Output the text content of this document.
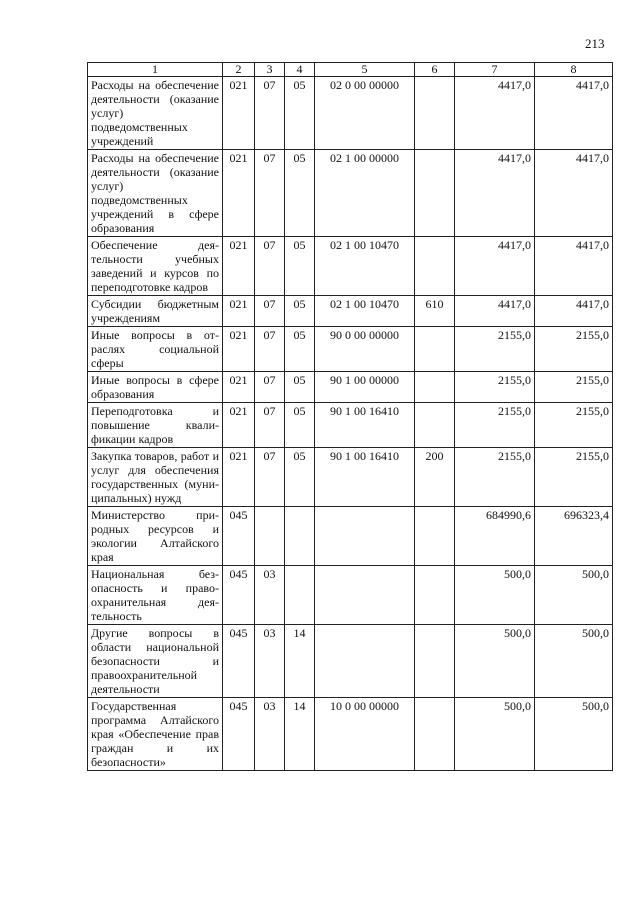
213
1	2	3	4	5	6	7	8
Расходы на обеспечение деятельности (оказание услуг) подведомственных учреждений	021	07	05	02 0 00 00000		4417,0	4417,0
Расходы на обеспечение деятельности (оказание услуг) подведомственных учреждений в сфере образования	021	07	05	02 1 00 00000		4417,0	4417,0
Обеспечение деятельности учебных заведений и курсов по переподготовке кадров	021	07	05	02 1 00 10470		4417,0	4417,0
Субсидии бюджетным учреждениям	021	07	05	02 1 00 10470	610	4417,0	4417,0
Иные вопросы в отраслях социальной сферы	021	07	05	90 0 00 00000		2155,0	2155,0
Иные вопросы в сфере образования	021	07	05	90 1 00 00000		2155,0	2155,0
Переподготовка и повышение квалификации кадров	021	07	05	90 1 00 16410		2155,0	2155,0
Закупка товаров, работ и услуг для обеспечения государственных (муниципальных) нужд	021	07	05	90 1 00 16410	200	2155,0	2155,0
Министерство природных ресурсов и экологии Алтайского края	045					684990,6	696323,4
Национальная безопасность и правоохранительная деятельность	045	03				500,0	500,0
Другие вопросы в области национальной безопасности и правоохранительной деятельности	045	03	14			500,0	500,0
Государственная программа Алтайского края «Обеспечение прав граждан и их безопасности»	045	03	14	10 0 00 00000		500,0	500,0
